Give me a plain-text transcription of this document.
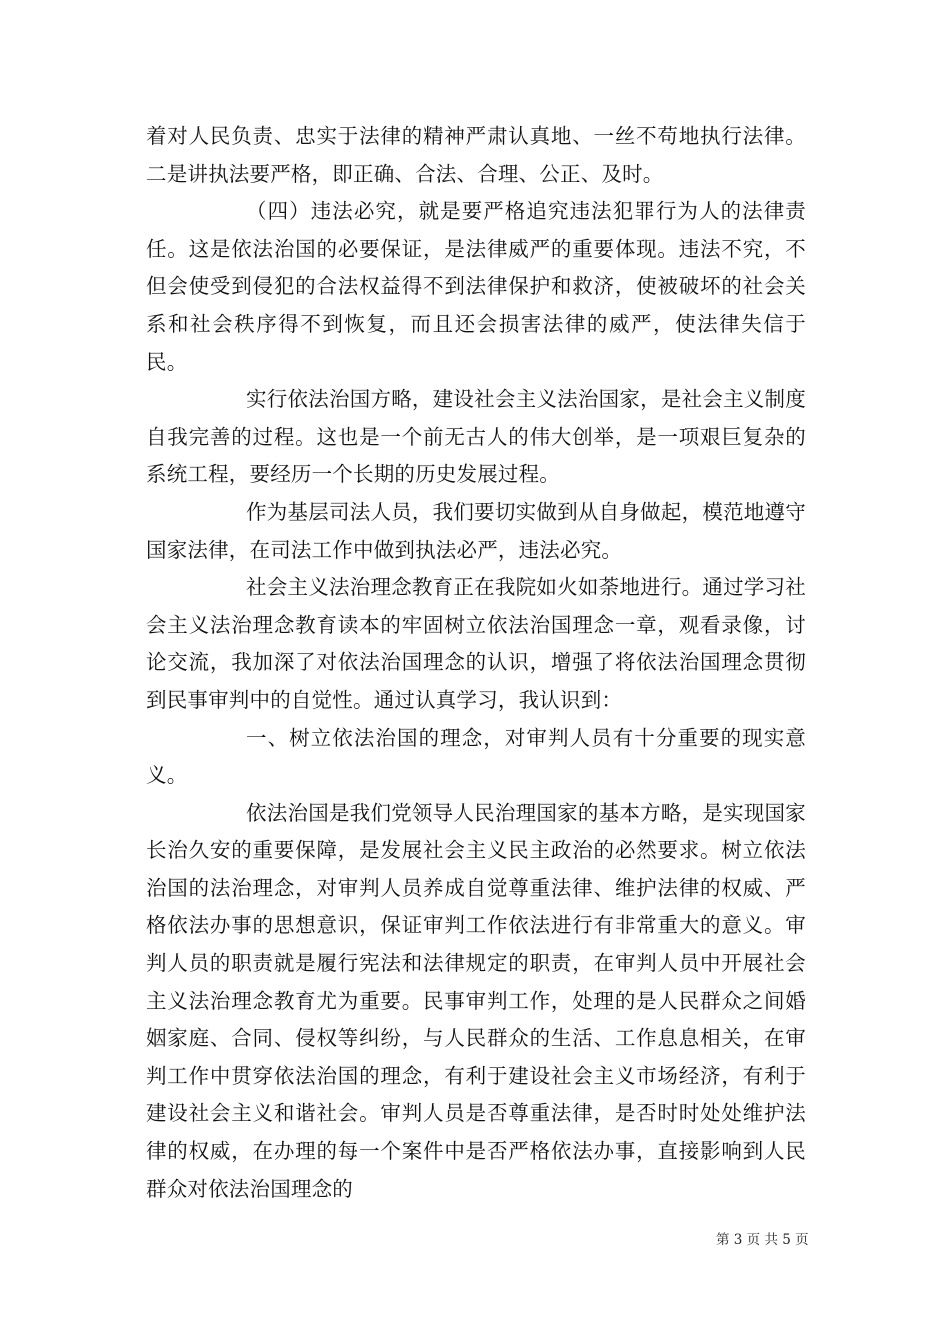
着对人民负责、忠实于法律的精神严肃认真地、一丝不苟地执行法律。二是讲执法要严格，即正确、合法、合理、公正、及时。

（四）违法必究，就是要严格追究违法犯罪行为人的法律责任。这是依法治国的必要保证，是法律威严的重要体现。违法不究，不但会使受到侵犯的合法权益得不到法律保护和救济，使被破坏的社会关系和社会秩序得不到恢复，而且还会损害法律的威严，使法律失信于民。

实行依法治国方略，建设社会主义法治国家，是社会主义制度自我完善的过程。这也是一个前无古人的伟大创举，是一项艰巨复杂的系统工程，要经历一个长期的历史发展过程。

作为基层司法人员，我们要切实做到从自身做起，模范地遵守国家法律，在司法工作中做到执法必严，违法必究。

社会主义法治理念教育正在我院如火如荼地进行。通过学习社会主义法治理念教育读本的牢固树立依法治国理念一章，观看录像，讨论交流，我加深了对依法治国理念的认识，增强了将依法治国理念贯彻到民事审判中的自觉性。通过认真学习，我认识到：

一、树立依法治国的理念，对审判人员有十分重要的现实意义。

依法治国是我们党领导人民治理国家的基本方略，是实现国家长治久安的重要保障，是发展社会主义民主政治的必然要求。树立依法治国的法治理念，对审判人员养成自觉尊重法律、维护法律的权威、严格依法办事的思想意识，保证审判工作依法进行有非常重大的意义。审判人员的职责就是履行宪法和法律规定的职责，在审判人员中开展社会主义法治理念教育尤为重要。民事审判工作，处理的是人民群众之间婚姻家庭、合同、侵权等纠纷，与人民群众的生活、工作息息相关，在审判工作中贯穿依法治国的理念，有利于建设社会主义市场经济，有利于建设社会主义和谐社会。审判人员是否尊重法律，是否时时处处维护法律的权威，在办理的每一个案件中是否严格依法办事，直接影响到人民群众对依法治国理念的

第 3 页 共 5 页
